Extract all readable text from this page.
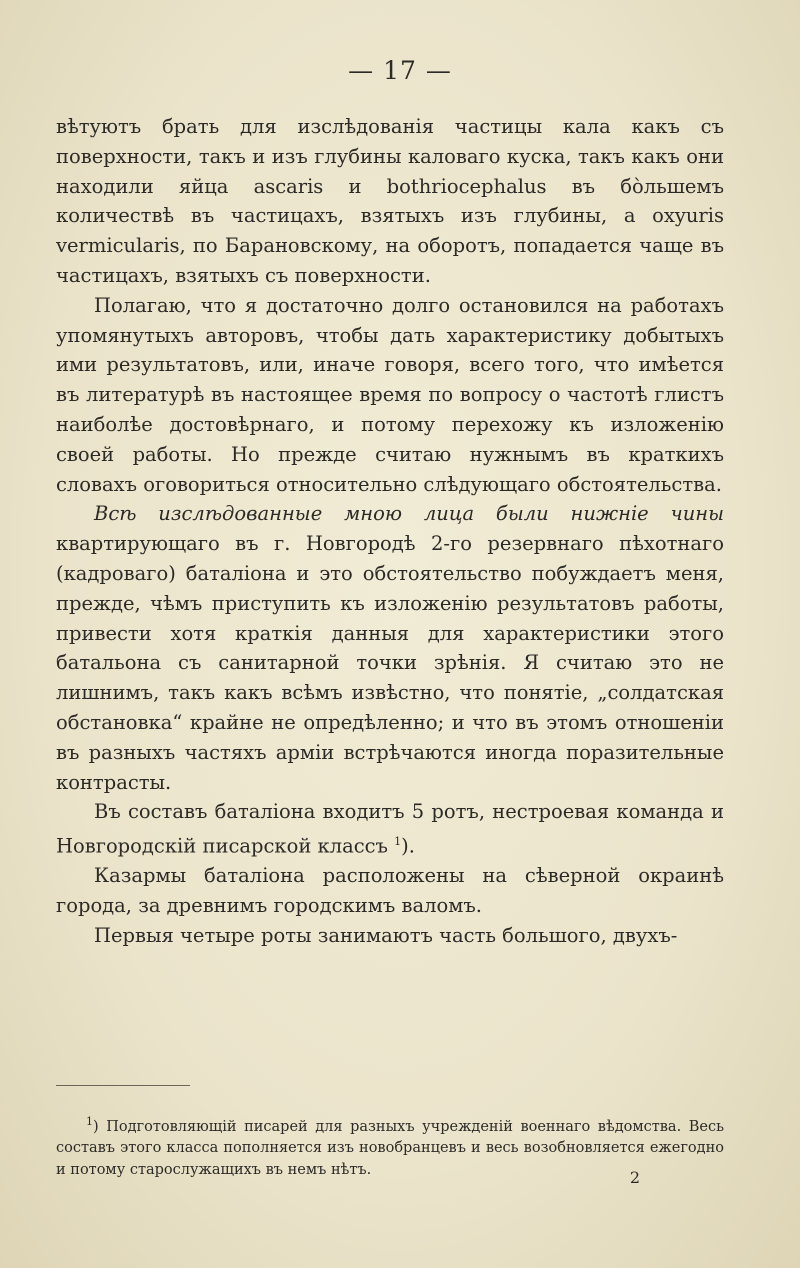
— 17 —

вѣтуютъ брать для изслѣдованія частицы кала какъ съ поверхности, такъ и изъ глубины каловаго куска, такъ какъ они находили яйца ascaris и bothriocephalus въ бо̀льшемъ количествѣ въ частицахъ, взятыхъ изъ глубины, а oxyuris vermicularis, по Барановскому, на оборотъ, попадается чаще въ частицахъ, взятыхъ съ поверхности.

Полагаю, что я достаточно долго остановился на работахъ упомянутыхъ авторовъ, чтобы дать характеристику добытыхъ ими результатовъ, или, иначе говоря, всего того, что имѣется въ литературѣ въ настоящее время по вопросу о частотѣ глистъ наиболѣе достовѣрнаго, и потому перехожу къ изложенію своей работы. Но прежде считаю нужнымъ въ краткихъ словахъ оговориться относительно слѣдующаго обстоятельства.

Всѣ изслѣдованные мною лица были нижніе чины квартирующаго въ г. Новгородѣ 2-го резервнаго пѣхотнаго (кадроваго) баталіона и это обстоятельство побуждаетъ меня, прежде, чѣмъ приступить къ изложенію результатовъ работы, привести хотя краткія данныя для характеристики этого батальона съ санитарной точки зрѣнія. Я считаю это не лишнимъ, такъ какъ всѣмъ извѣстно, что понятіе, „солдатская обстановка“ крайне не опредѣленно; и что въ этомъ отношеніи въ разныхъ частяхъ арміи встрѣчаются иногда поразительные контрасты.

Въ составъ баталіона входитъ 5 ротъ, нестроевая команда и Новгородскій писарской классъ $^1$).

Казармы баталіона расположены на сѣверной окраинѣ города, за древнимъ городскимъ валомъ.

Первыя четыре роты занимаютъ часть большого, двухъ-

$^1$) Подготовляющій писарей для разныхъ учрежденій военнаго вѣдомства. Весь составъ этого класса пополняется изъ новобранцевъ и весь возобновляется ежегодно и потому старослужащихъ въ немъ нѣтъ.	2
